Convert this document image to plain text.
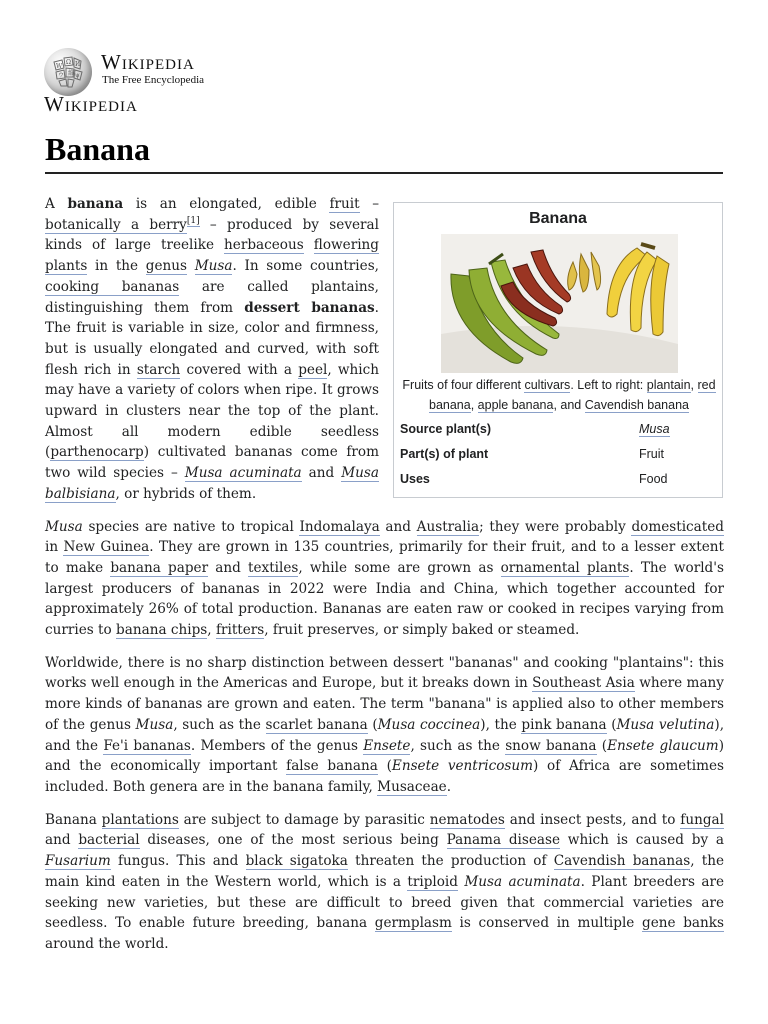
W
Ω И
ウ 維 ψ
Wikipedia
The Free Encyclopedia
Wikipedia
Banana
Banana
Fruits of four different cultivars. Left to right: plantain, red banana, apple banana, and Cavendish banana
Source plant(s)	Musa
Part(s) of plant	Fruit
Uses	Food

A banana is an elongated, edible fruit – botanically a berry[1] – produced by several kinds of large treelike herbaceous flowering plants in the genus Musa. In some countries, cooking bananas are called plantains, distinguishing them from dessert bananas. The fruit is variable in size, color and firmness, but is usually elongated and curved, with soft flesh rich in starch covered with a peel, which may have a variety of colors when ripe. It grows upward in clusters near the top of the plant. Almost all modern edible seedless (parthenocarp) cultivated bananas come from two wild species – Musa acuminata and Musa balbisiana, or hybrids of them.

Musa species are native to tropical Indomalaya and Australia; they were probably domesticated in New Guinea. They are grown in 135 countries, primarily for their fruit, and to a lesser extent to make banana paper and textiles, while some are grown as ornamental plants. The world's largest producers of bananas in 2022 were India and China, which together accounted for approximately 26% of total production. Bananas are eaten raw or cooked in recipes varying from curries to banana chips, fritters, fruit preserves, or simply baked or steamed.

Worldwide, there is no sharp distinction between dessert "bananas" and cooking "plantains": this works well enough in the Americas and Europe, but it breaks down in Southeast Asia where many more kinds of bananas are grown and eaten. The term "banana" is applied also to other members of the genus Musa, such as the scarlet banana (Musa coccinea), the pink banana (Musa velutina), and the Fe'i bananas. Members of the genus Ensete, such as the snow banana (Ensete glaucum) and the economically important false banana (Ensete ventricosum) of Africa are sometimes included. Both genera are in the banana family, Musaceae.

Banana plantations are subject to damage by parasitic nematodes and insect pests, and to fungal and bacterial diseases, one of the most serious being Panama disease which is caused by a Fusarium fungus. This and black sigatoka threaten the production of Cavendish bananas, the main kind eaten in the Western world, which is a triploid Musa acuminata. Plant breeders are seeking new varieties, but these are difficult to breed given that commercial varieties are seedless. To enable future breeding, banana germplasm is conserved in multiple gene banks around the world.
